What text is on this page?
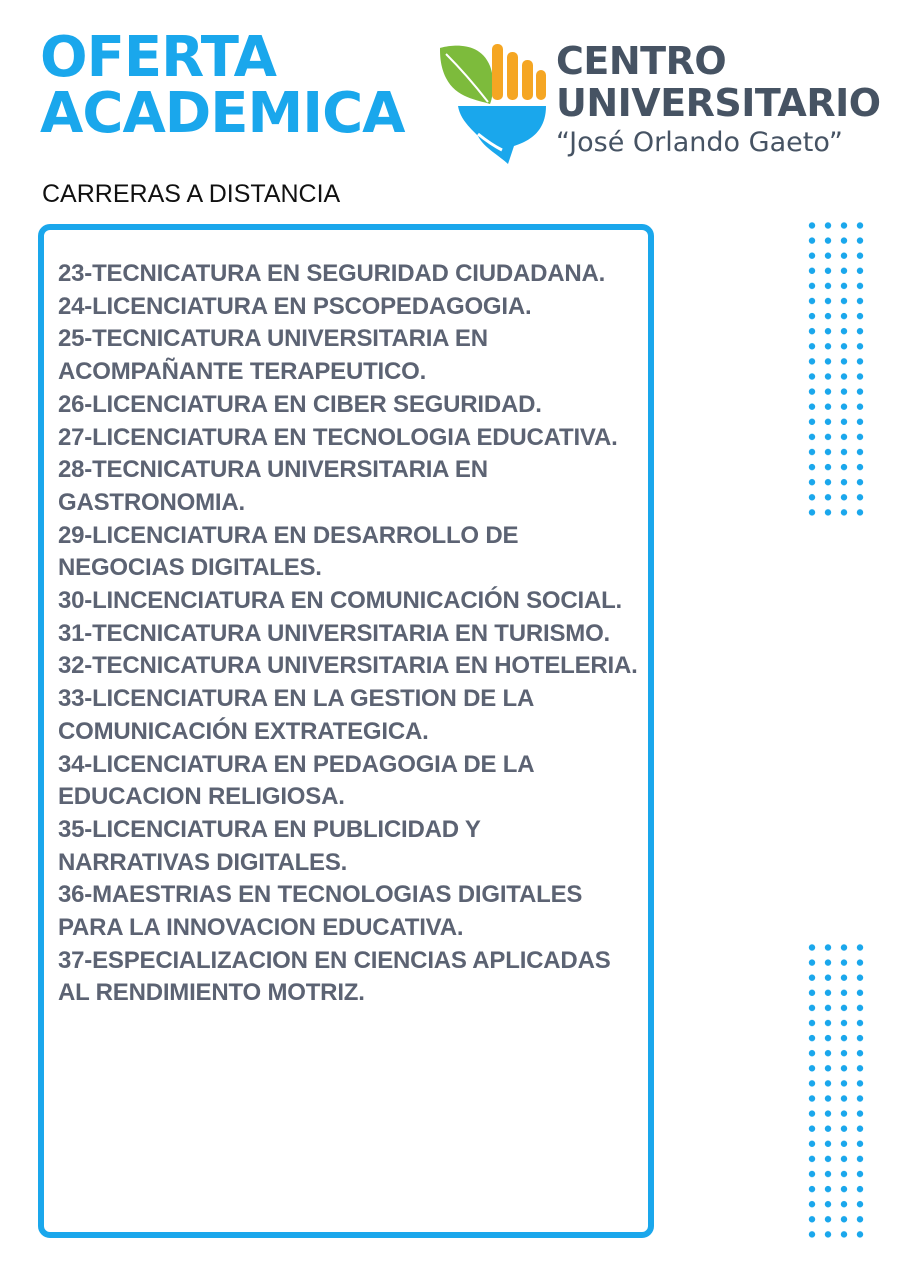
OFERTA
ACADEMICA
CENTRO
UNIVERSITARIO
“José Orlando Gaeto”
CARRERAS A DISTANCIA
23-TECNICATURA EN SEGURIDAD CIUDADANA.
24-LICENCIATURA EN PSCOPEDAGOGIA.
25-TECNICATURA UNIVERSITARIA EN ACOMPAÑANTE TERAPEUTICO.
26-LICENCIATURA EN CIBER SEGURIDAD.
27-LICENCIATURA EN TECNOLOGIA EDUCATIVA.
28-TECNICATURA UNIVERSITARIA EN GASTRONOMIA.
29-LICENCIATURA EN DESARROLLO DE NEGOCIAS DIGITALES.
30-LINCENCIATURA EN COMUNICACIÓN SOCIAL.
31-TECNICATURA UNIVERSITARIA EN TURISMO.
32-TECNICATURA UNIVERSITARIA EN HOTELERIA.
33-LICENCIATURA EN LA GESTION DE LA COMUNICACIÓN EXTRATEGICA.
34-LICENCIATURA EN PEDAGOGIA DE LA EDUCACION RELIGIOSA.
35-LICENCIATURA EN PUBLICIDAD Y NARRATIVAS DIGITALES.
36-MAESTRIAS EN TECNOLOGIAS DIGITALES PARA LA INNOVACION EDUCATIVA.
37-ESPECIALIZACION EN CIENCIAS APLICADAS AL RENDIMIENTO MOTRIZ.
